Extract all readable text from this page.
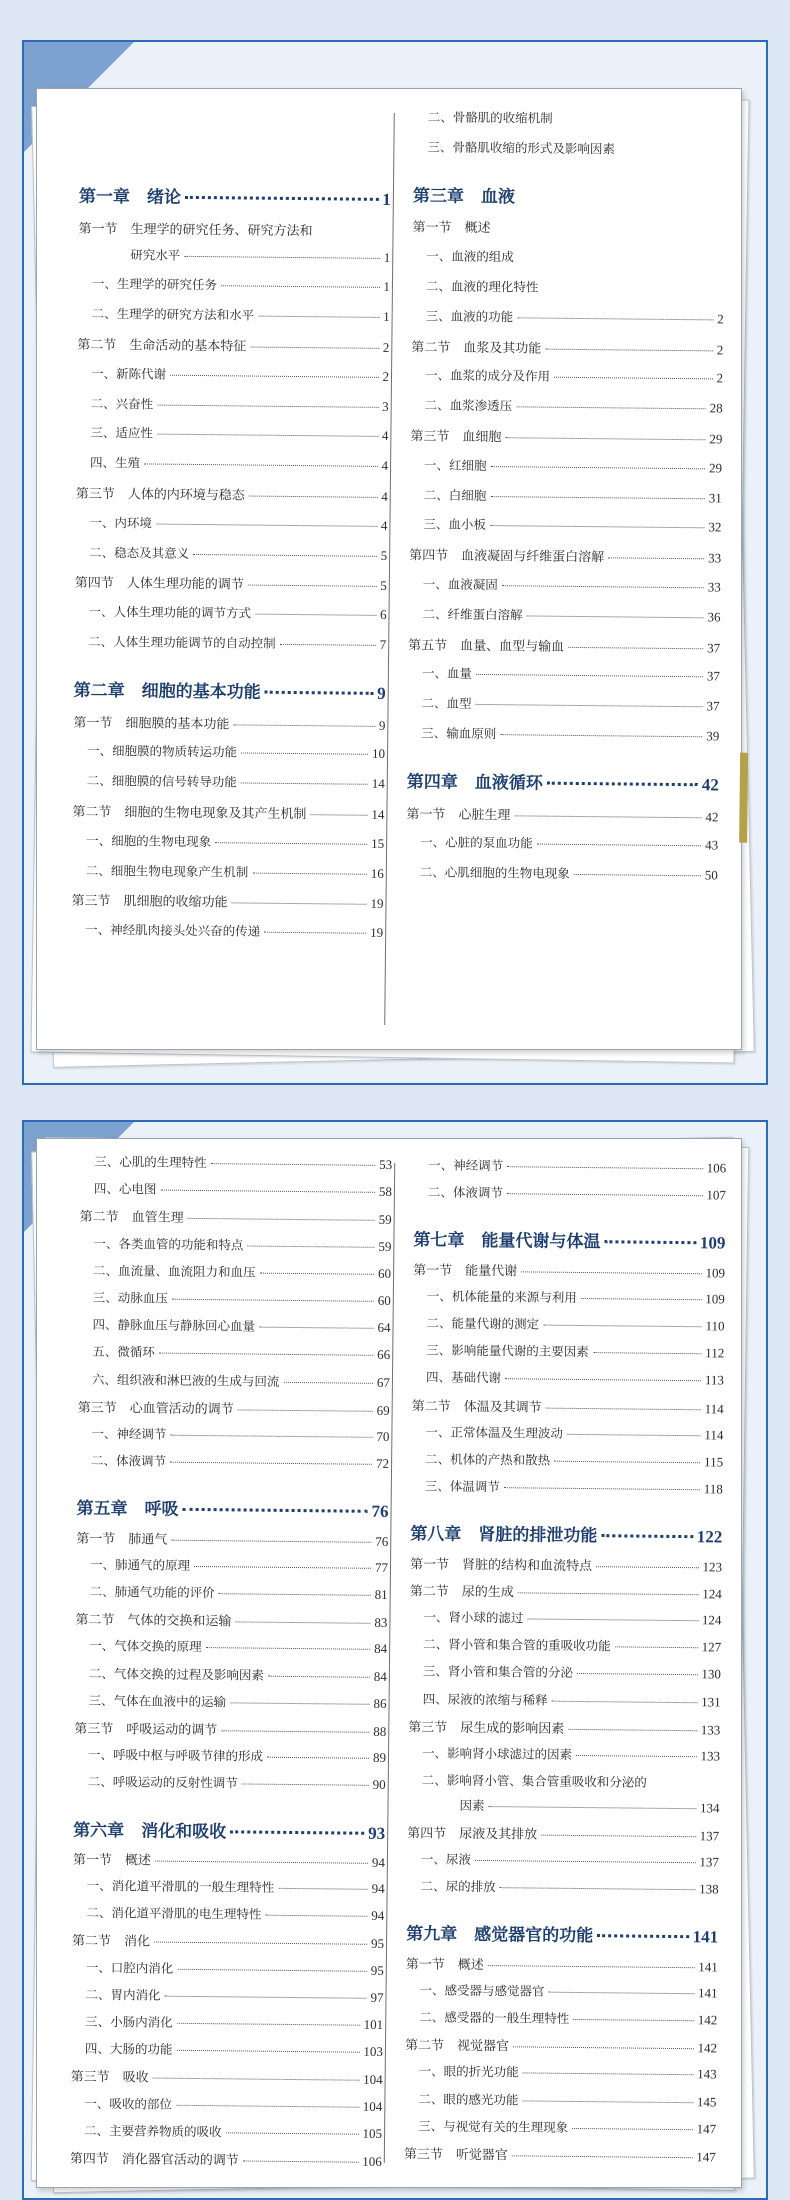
第一章　绪论	1
第一节　生理学的研究任务、研究方法和
研究水平	1
一、生理学的研究任务	1
二、生理学的研究方法和水平	1
第二节　生命活动的基本特征	2
一、新陈代谢	2
二、兴奋性	3
三、适应性	4
四、生殖	4
第三节　人体的内环境与稳态	4
一、内环境	4
二、稳态及其意义	5
第四节　人体生理功能的调节	5
一、人体生理功能的调节方式	6
二、人体生理功能调节的自动控制	7
第二章　细胞的基本功能	9
第一节　细胞膜的基本功能	9
一、细胞膜的物质转运功能	10
二、细胞膜的信号转导功能	14
第二节　细胞的生物电现象及其产生机制	14
一、细胞的生物电现象	15
二、细胞生物电现象产生机制	16
第三节　肌细胞的收缩功能	19
一、神经肌肉接头处兴奋的传递	19
二、骨骼肌的收缩机制
三、骨骼肌收缩的形式及影响因素
第三章　血液
第一节　概述
一、血液的组成
二、血液的理化特性
三、血液的功能	2
第二节　血浆及其功能	2
一、血浆的成分及作用	2
二、血浆渗透压	28
第三节　血细胞	29
一、红细胞	29
二、白细胞	31
三、血小板	32
第四节　血液凝固与纤维蛋白溶解	33
一、血液凝固	33
二、纤维蛋白溶解	36
第五节　血量、血型与输血	37
一、血量	37
二、血型	37
三、输血原则	39
第四章　血液循环	42
第一节　心脏生理	42
一、心脏的泵血功能	43
二、心肌细胞的生物电现象	50
三、心肌的生理特性	53
四、心电图	58
第二节　血管生理	59
一、各类血管的功能和特点	59
二、血流量、血流阻力和血压	60
三、动脉血压	60
四、静脉血压与静脉回心血量	64
五、微循环	66
六、组织液和淋巴液的生成与回流	67
第三节　心血管活动的调节	69
一、神经调节	70
二、体液调节	72
第五章　呼吸	76
第一节　肺通气	76
一、肺通气的原理	77
二、肺通气功能的评价	81
第二节　气体的交换和运输	83
一、气体交换的原理	84
二、气体交换的过程及影响因素	84
三、气体在血液中的运输	86
第三节　呼吸运动的调节	88
一、呼吸中枢与呼吸节律的形成	89
二、呼吸运动的反射性调节	90
第六章　消化和吸收	93
第一节　概述	94
一、消化道平滑肌的一般生理特性	94
二、消化道平滑肌的电生理特性	94
第二节　消化	95
一、口腔内消化	95
二、胃内消化	97
三、小肠内消化	101
四、大肠的功能	103
第三节　吸收	104
一、吸收的部位	104
二、主要营养物质的吸收	105
第四节　消化器官活动的调节	106
一、神经调节	106
二、体液调节	107
第七章　能量代谢与体温	109
第一节　能量代谢	109
一、机体能量的来源与利用	109
二、能量代谢的测定	110
三、影响能量代谢的主要因素	112
四、基础代谢	113
第二节　体温及其调节	114
一、正常体温及生理波动	114
二、机体的产热和散热	115
三、体温调节	118
第八章　肾脏的排泄功能	122
第一节　肾脏的结构和血流特点	123
第二节　尿的生成	124
一、肾小球的滤过	124
二、肾小管和集合管的重吸收功能	127
三、肾小管和集合管的分泌	130
四、尿液的浓缩与稀释	131
第三节　尿生成的影响因素	133
一、影响肾小球滤过的因素	133
二、影响肾小管、集合管重吸收和分泌的
因素	134
第四节　尿液及其排放	137
一、尿液	137
二、尿的排放	138
第九章　感觉器官的功能	141
第一节　概述	141
一、感受器与感觉器官	141
二、感受器的一般生理特性	142
第二节　视觉器官	142
一、眼的折光功能	143
二、眼的感光功能	145
三、与视觉有关的生理现象	147
第三节　听觉器官	147
